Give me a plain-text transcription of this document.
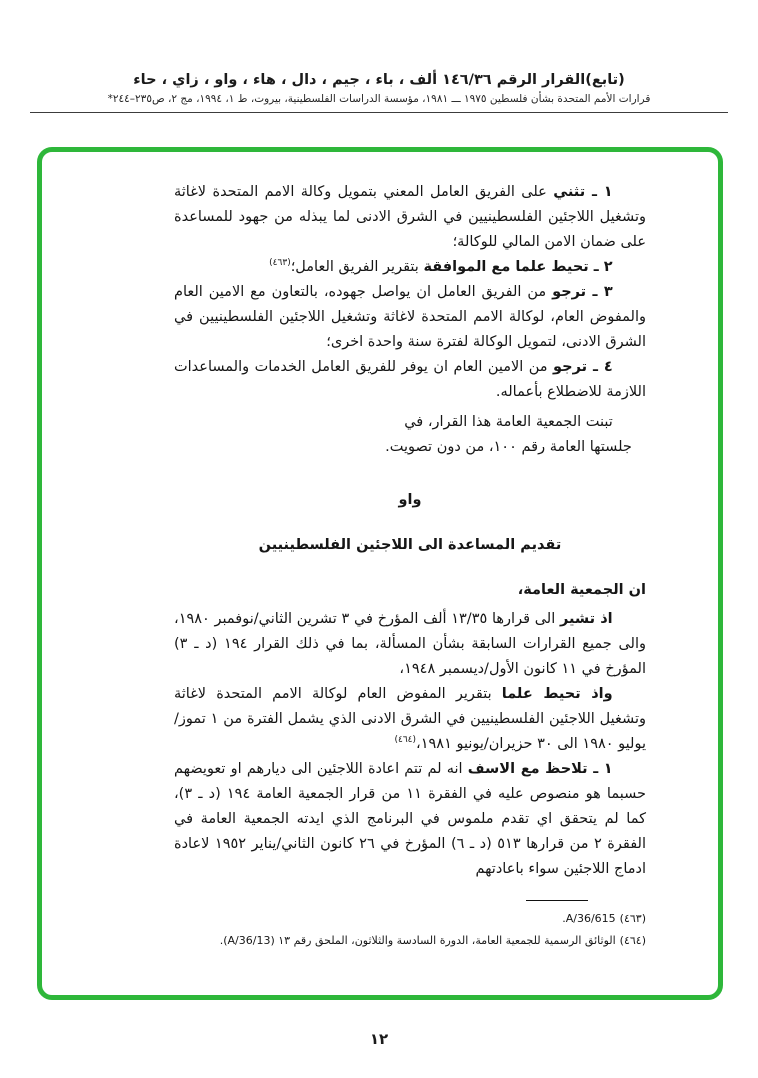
(تابع)القرار الرقم ١٤٦/٣٦ ألف ، باء ، جيم ، دال ، هاء ، واو ، زاي ، حاء
قرارات الأمم المتحدة بشأن فلسطين ١٩٧٥ ـــ ١٩٨١، مؤسسة الدراسات الفلسطينية، بيروت، ط ١، ١٩٩٤، مج ٢، ص٢٣٥–٢٤٤*

١ ـ تثني على الفريق العامل المعني بتمويل وكالة الامم المتحدة لاغاثة وتشغيل اللاجئين الفلسطينيين في الشرق الادنى لما يبذله من جهود للمساعدة على ضمان الامن المالي للوكالة؛

٢ ـ تحيط علما مع الموافقة بتقرير الفريق العامل؛$^{(٤٦٣)}$

٣ ـ ترجو من الفريق العامل ان يواصل جهوده، بالتعاون مع الامين العام والمفوض العام، لوكالة الامم المتحدة لاغاثة وتشغيل اللاجئين الفلسطينيين في الشرق الادنى، لتمويل الوكالة لفترة سنة واحدة اخرى؛

٤ ـ ترجو من الامين العام ان يوفر للفريق العامل الخدمات والمساعدات اللازمة للاضطلاع بأعماله.

تبنت الجمعية العامة هذا القرار، في جلستها العامة رقم ١٠٠، من دون تصويت.

واو

تقديم المساعدة الى اللاجئين الفلسطينيين

ان الجمعية العامة،

اذ تشير الى قرارها ١٣/٣٥ ألف المؤرخ في ٣ تشرين الثاني/نوفمبر ١٩٨٠، والى جميع القرارات السابقة بشأن المسألة، بما في ذلك القرار ١٩٤ (د ـ ٣) المؤرخ في ١١ كانون الأول/ديسمبر ١٩٤٨،

واذ تحيط علما بتقرير المفوض العام لوكالة الامم المتحدة لاغاثة وتشغيل اللاجئين الفلسطينيين في الشرق الادنى الذي يشمل الفترة من ١ تموز/يوليو ١٩٨٠ الى ٣٠ حزيران/يونيو ١٩٨١،$^{(٤٦٤)}$

١ ـ تلاحظ مع الاسف انه لم تتم اعادة اللاجئين الى ديارهم او تعويضهم حسبما هو منصوص عليه في الفقرة ١١ من قرار الجمعية العامة ١٩٤ (د ـ ٣)، كما لم يتحقق اي تقدم ملموس في البرنامج الذي ايدته الجمعية العامة في الفقرة ٢ من قرارها ٥١٣ (د ـ ٦) المؤرخ في ٢٦ كانون الثاني/يناير ١٩٥٢ لاعادة ادماج اللاجئين سواء باعادتهم

(٤٦٣)A/36/615.

(٤٦٤)الوثائق الرسمية للجمعية العامة، الدورة السادسة والثلاثون، الملحق رقم ١٣ (A/36/13).

١٢
